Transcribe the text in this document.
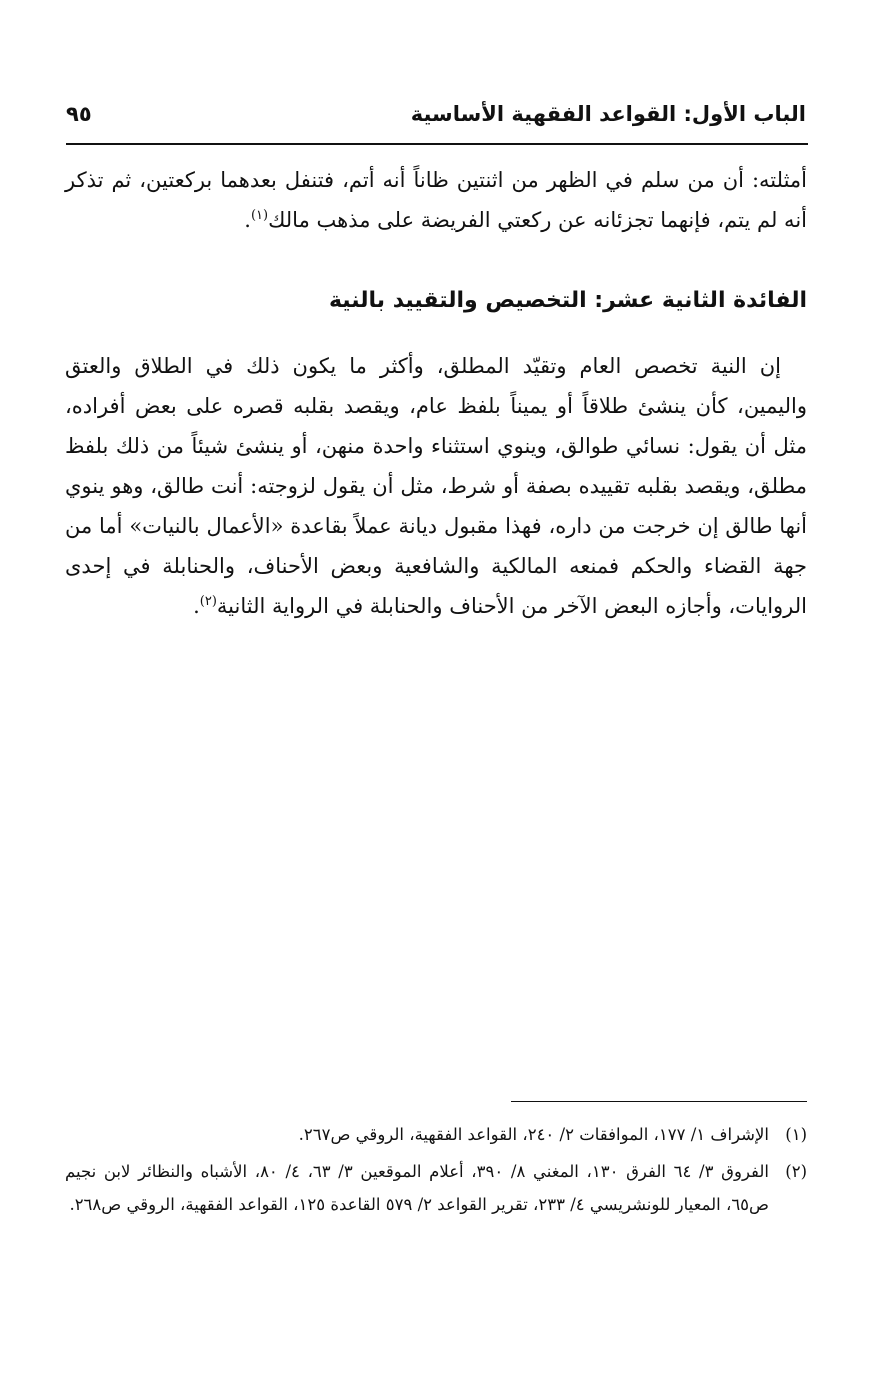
الباب الأول: القواعد الفقهية الأساسية
٩٥
أمثلته: أن من سلم في الظهر من اثنتين ظاناً أنه أتم، فتنفل بعدهما بركعتين، ثم تذكر أنه لم يتم، فإنهما تجزئانه عن ركعتي الفريضة على مذهب مالك$^{(١)}$.
الفائدة الثانية عشر: التخصيص والتقييد بالنية
إن النية تخصص العام وتقيّد المطلق، وأكثر ما يكون ذلك في الطلاق والعتق واليمين، كأن ينشئ طلاقاً أو يميناً بلفظ عام، ويقصد بقلبه قصره على بعض أفراده، مثل أن يقول: نسائي طوالق، وينوي استثناء واحدة منهن، أو ينشئ شيئاً من ذلك بلفظ مطلق، ويقصد بقلبه تقييده بصفة أو شرط، مثل أن يقول لزوجته: أنت طالق، وهو ينوي أنها طالق إن خرجت من داره، فهذا مقبول ديانة عملاً بقاعدة «الأعمال بالنيات» أما من جهة القضاء والحكم فمنعه المالكية والشافعية وبعض الأحناف، والحنابلة في إحدى الروايات، وأجازه البعض الآخر من الأحناف والحنابلة في الرواية الثانية$^{(٢)}$.
(١)
الإشراف ١/ ١٧٧، الموافقات ٢/ ٢٤٠، القواعد الفقهية، الروقي ص٢٦٧.
(٢)
الفروق ٣/ ٦٤ الفرق ١٣٠، المغني ٨/ ٣٩٠، أعلام الموقعين ٣/ ٦٣، ٤/ ٨٠، الأشباه والنظائر لابن نجيم ص٦٥، المعيار للونشريسي ٤/ ٢٣٣، تقرير القواعد ٢/ ٥٧٩ القاعدة ١٢٥، القواعد الفقهية، الروقي ص٢٦٨.
